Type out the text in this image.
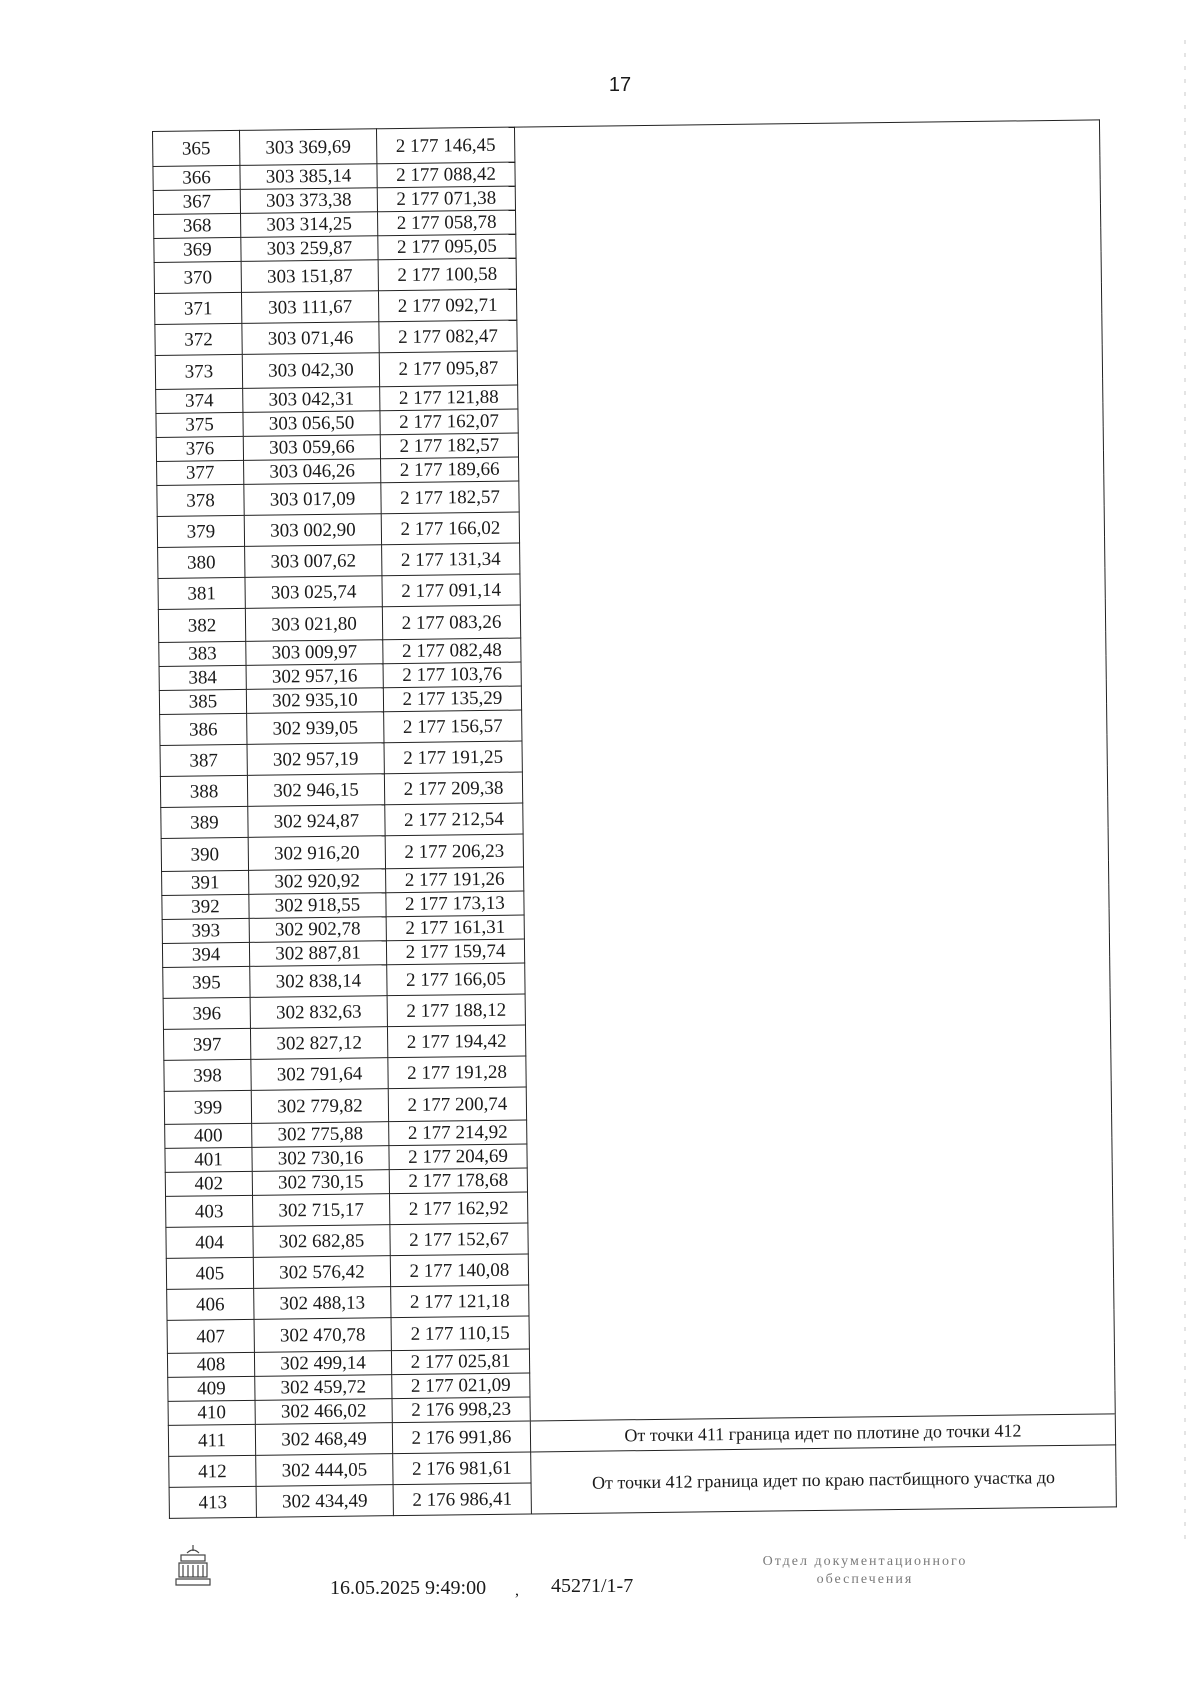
17
365	303 369,69	2 177 146,45	
366	303 385,14	2 177 088,42	
367	303 373,38	2 177 071,38	
368	303 314,25	2 177 058,78	
369	303 259,87	2 177 095,05	
370	303 151,87	2 177 100,58	
371	303 111,67	2 177 092,71	
372	303 071,46	2 177 082,47	
373	303 042,30	2 177 095,87	
374	303 042,31	2 177 121,88	
375	303 056,50	2 177 162,07	
376	303 059,66	2 177 182,57	
377	303 046,26	2 177 189,66	
378	303 017,09	2 177 182,57	
379	303 002,90	2 177 166,02	
380	303 007,62	2 177 131,34	
381	303 025,74	2 177 091,14	
382	303 021,80	2 177 083,26	
383	303 009,97	2 177 082,48	
384	302 957,16	2 177 103,76	
385	302 935,10	2 177 135,29	
386	302 939,05	2 177 156,57	
387	302 957,19	2 177 191,25	
388	302 946,15	2 177 209,38	
389	302 924,87	2 177 212,54	
390	302 916,20	2 177 206,23	
391	302 920,92	2 177 191,26	
392	302 918,55	2 177 173,13	
393	302 902,78	2 177 161,31	
394	302 887,81	2 177 159,74	
395	302 838,14	2 177 166,05	
396	302 832,63	2 177 188,12	
397	302 827,12	2 177 194,42	
398	302 791,64	2 177 191,28	
399	302 779,82	2 177 200,74	
400	302 775,88	2 177 214,92	
401	302 730,16	2 177 204,69	
402	302 730,15	2 177 178,68	
403	302 715,17	2 177 162,92	
404	302 682,85	2 177 152,67	
405	302 576,42	2 177 140,08	
406	302 488,13	2 177 121,18	
407	302 470,78	2 177 110,15	
408	302 499,14	2 177 025,81	
409	302 459,72	2 177 021,09	
410	302 466,02	2 176 998,23	
411	302 468,49	2 176 991,86	От точки 411 граница идет по плотине до точки 412
412	302 444,05	2 176 981,61	От точки 412 граница идет по краю пастбищного участка до
413	302 434,49	2 176 986,41	
16.05.2025 9:49:00 , 45271/1-7
Отдел документационного
обеспечения
